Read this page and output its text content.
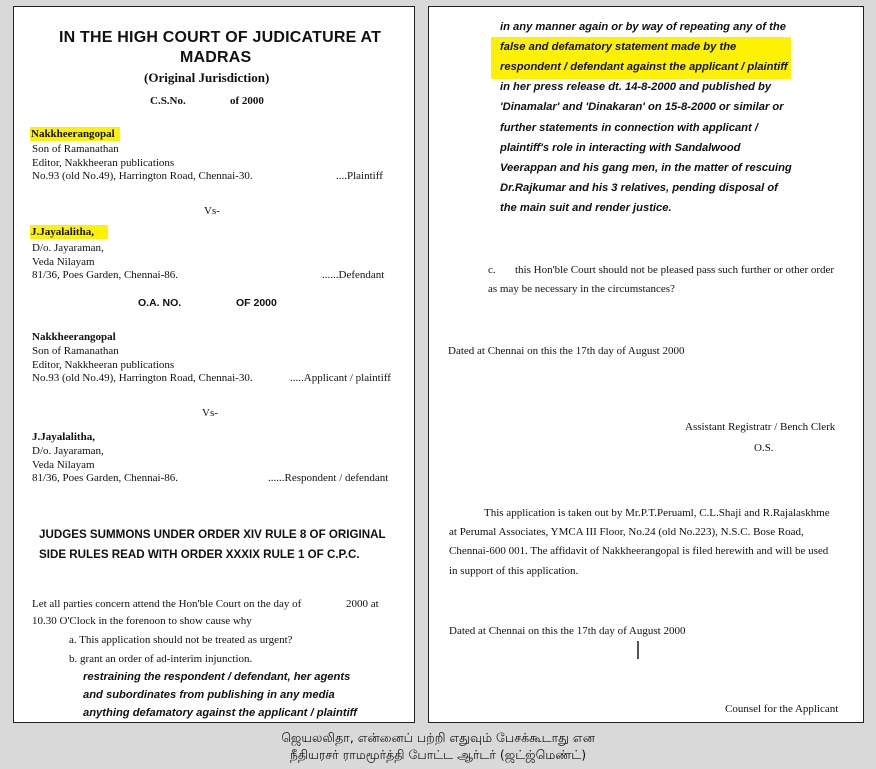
IN THE HIGH COURT OF JUDICATURE AT
MADRAS
(Original Jurisdiction)
C.S.No.	of 2000
Nakkheerangopal
Son of Ramanathan
Editor, Nakkheeran publications
No.93 (old No.49), Harrington Road, Chennai-30.	....Plaintiff
Vs-
J.Jayalalitha,
D/o. Jayaraman,
Veda Nilayam
81/36, Poes Garden, Chennai-86.	......Defendant
O.A. NO.	OF 2000
Nakkheerangopal
Son of Ramanathan
Editor, Nakkheeran publications
No.93 (old No.49), Harrington Road, Chennai-30.	.....Applicant / plaintiff
Vs-
J.Jayalalitha,
D/o. Jayaraman,
Veda Nilayam
81/36, Poes Garden, Chennai-86.	......Respondent / defendant
JUDGES SUMMONS UNDER ORDER XIV RULE 8 OF ORIGINAL
SIDE RULES READ WITH ORDER XXXIX RULE 1 OF C.P.C.
Let all parties concern attend the Hon'ble Court on the day of	2000 at
10.30 O'Clock in the forenoon to show cause why
a. This application should not be treated as urgent?
b. grant an order of ad-interim injunction.
restraining the respondent / defendant, her agents
and subordinates from publishing in any media
anything defamatory against the applicant / plaintiff
in any manner again or by way of repeating any of the
false and defamatory statement made by the
respondent / defendant against the applicant / plaintiff
in her press release dt. 14-8-2000 and published by
'Dinamalar' and 'Dinakaran' on 15-8-2000 or similar or
further statements in connection with applicant /
plaintiff's role in interacting with Sandalwood
Veerappan and his gang men, in the matter of rescuing
Dr.Rajkumar and his 3 relatives, pending disposal of
the main suit and render justice.
c. this Hon'ble Court should not be pleased pass such further or other order
as may be necessary in the circumstances?
Dated at Chennai on this the 17th day of August 2000
Assistant Registratr / Bench Clerk
O.S.
This application is taken out by Mr.P.T.Peruaml, C.L.Shaji and R.Rajalaskhme
at Perumal Associates, YMCA III Floor, No.24 (old No.223), N.S.C. Bose Road,
Chennai-600 001. The affidavit of Nakkheerangopal is filed herewith and will be used
in support of this application.
Dated at Chennai on this the 17th day of August 2000
Counsel for the Applicant
ஜெயலலிதா, என்னைப் பற்றி எதுவும் பேசக்கூடாது என
நீதியரசர் ராமமூர்த்தி போட்ட ஆர்டர் (ஜட்ஜ்மெண்ட்)
